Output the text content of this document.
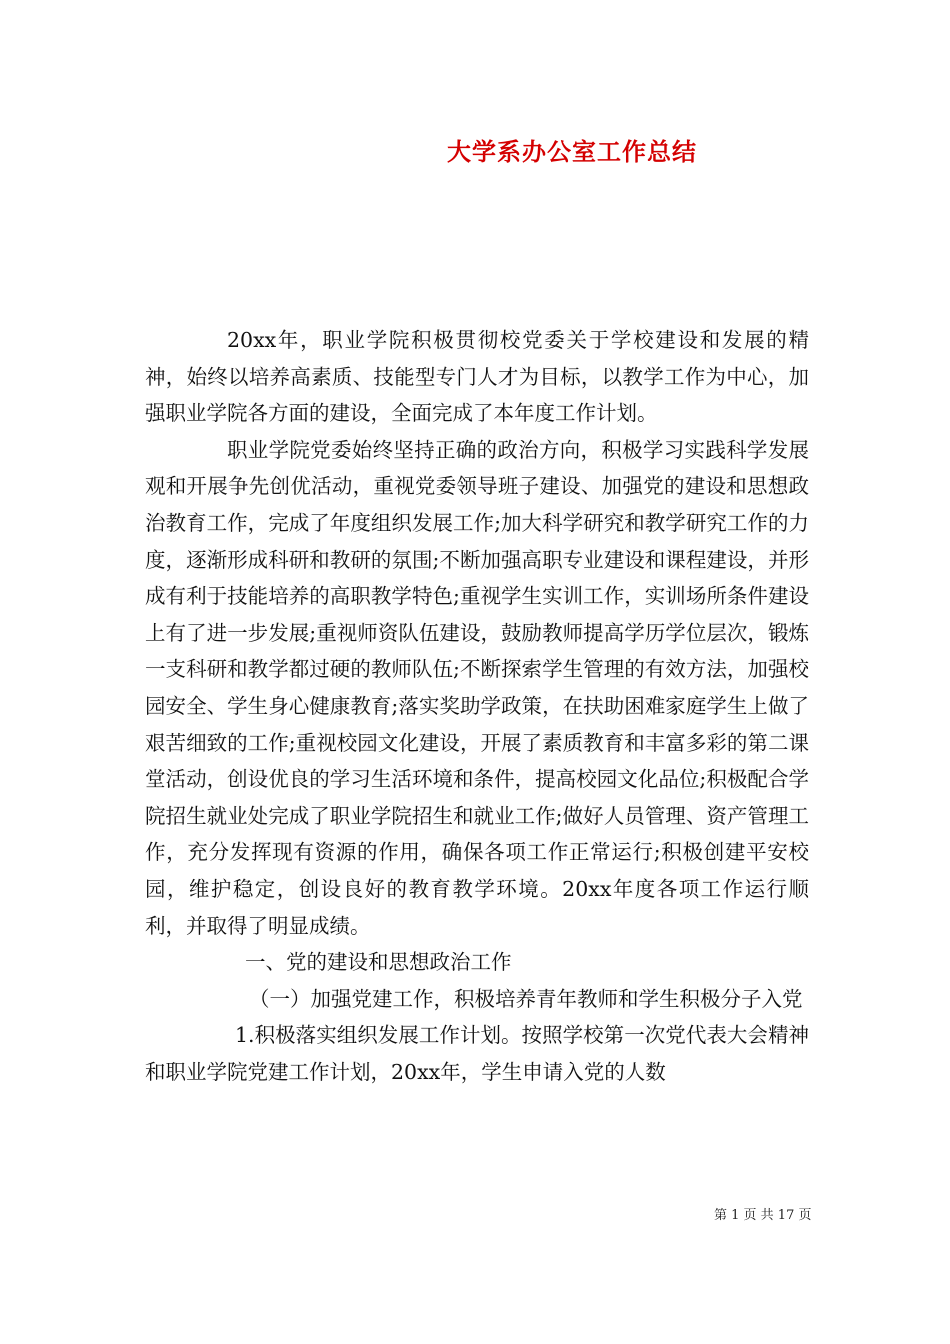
大学系办公室工作总结

20xx年，职业学院积极贯彻校党委关于学校建设和发展的精神，始终以培养高素质、技能型专门人才为目标，以教学工作为中心，加强职业学院各方面的建设，全面完成了本年度工作计划。

职业学院党委始终坚持正确的政治方向，积极学习实践科学发展观和开展争先创优活动，重视党委领导班子建设、加强党的建设和思想政治教育工作，完成了年度组织发展工作;加大科学研究和教学研究工作的力度，逐渐形成科研和教研的氛围;不断加强高职专业建设和课程建设，并形成有利于技能培养的高职教学特色;重视学生实训工作，实训场所条件建设上有了进一步发展;重视师资队伍建设，鼓励教师提高学历学位层次，锻炼一支科研和教学都过硬的教师队伍;不断探索学生管理的有效方法，加强校园安全、学生身心健康教育;落实奖助学政策，在扶助困难家庭学生上做了艰苦细致的工作;重视校园文化建设，开展了素质教育和丰富多彩的第二课堂活动，创设优良的学习生活环境和条件，提高校园文化品位;积极配合学院招生就业处完成了职业学院招生和就业工作;做好人员管理、资产管理工作，充分发挥现有资源的作用，确保各项工作正常运行;积极创建平安校园，维护稳定，创设良好的教育教学环境。20xx年度各项工作运行顺利，并取得了明显成绩。

一、党的建设和思想政治工作

（一）加强党建工作，积极培养青年教师和学生积极分子入党

1.积极落实组织发展工作计划。按照学校第一次党代表大会精神和职业学院党建工作计划，20xx年，学生申请入党的人数

第 1 页 共 17 页
